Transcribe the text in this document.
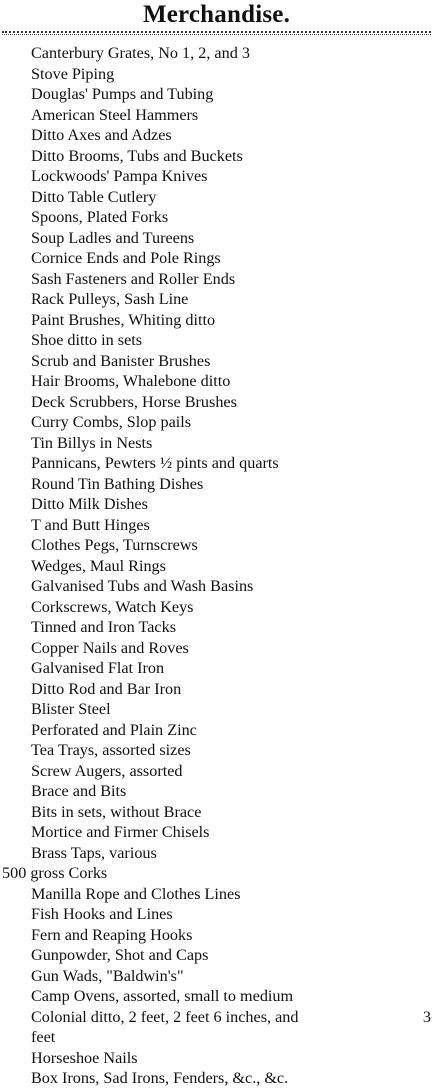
Merchandise.
Canterbury Grates, No 1, 2, and 3
Stove Piping
Douglas' Pumps and Tubing
American Steel Hammers
Ditto Axes and Adzes
Ditto Brooms, Tubs and Buckets
Lockwoods' Pampa Knives
Ditto Table Cutlery
Spoons, Plated Forks
Soup Ladles and Tureens
Cornice Ends and Pole Rings
Sash Fasteners and Roller Ends
Rack Pulleys, Sash Line
Paint Brushes, Whiting ditto
Shoe ditto in sets
Scrub and Banister Brushes
Hair Brooms, Whalebone ditto
Deck Scrubbers, Horse Brushes
Curry Combs, Slop pails
Tin Billys in Nests
Pannicans, Pewters ½ pints and quarts
Round Tin Bathing Dishes
Ditto Milk Dishes
T and Butt Hinges
Clothes Pegs, Turnscrews
Wedges, Maul Rings
Galvanised Tubs and Wash Basins
Corkscrews, Watch Keys
Tinned and Iron Tacks
Copper Nails and Roves
Galvanised Flat Iron
Ditto Rod and Bar Iron
Blister Steel
Perforated and Plain Zinc
Tea Trays, assorted sizes
Screw Augers, assorted
Brace and Bits
Bits in sets, without Brace
Mortice and Firmer Chisels
Brass Taps, various
500 gross Corks
Manilla Rope and Clothes Lines
Fish Hooks and Lines
Fern and Reaping Hooks
Gunpowder, Shot and Caps
Gun Wads, "Baldwin's"
Camp Ovens, assorted, small to medium
Colonial ditto, 2 feet, 2 feet 6 inches, and	3
feet
Horseshoe Nails
Box Irons, Sad Irons, Fenders, &c., &c.
